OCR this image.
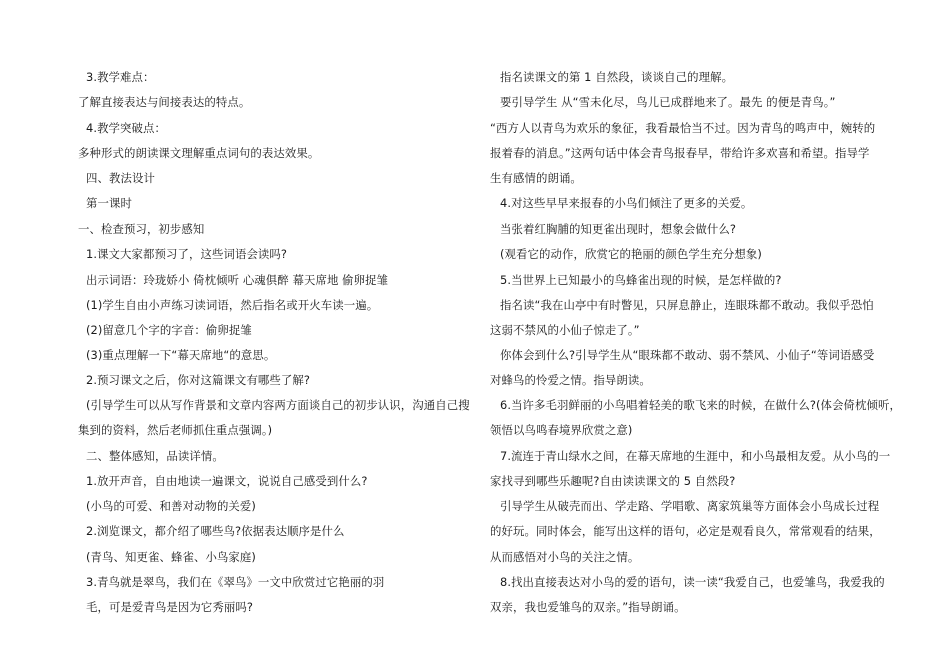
3.教学难点：
了解直接表达与间接表达的特点。
4.教学突破点：
多种形式的朗读课文理解重点词句的表达效果。
四、教法设计
第一课时
一、检查预习，初步感知
1.课文大家都预习了，这些词语会读吗?
出示词语：玲珑娇小 倚枕倾听 心魂俱醉 幕天席地 偷卵捉雏
(1)学生自由小声练习读词语，然后指名或开火车读一遍。
(2)留意几个字的字音：偷卵捉雏
(3)重点理解一下“幕天席地“的意思。
2.预习课文之后，你对这篇课文有哪些了解?
(引导学生可以从写作背景和文章内容两方面谈自己的初步认识，沟通自己搜
集到的资料，然后老师抓住重点强调。)
二、整体感知，品读详情。
1.放开声音，自由地读一遍课文，说说自己感受到什么?
(小鸟的可爱、和善对动物的关爱)
2.浏览课文，都介绍了哪些鸟?依据表达顺序是什么
(青鸟、知更雀、蜂雀、小鸟家庭)
3.青鸟就是翠鸟，我们在《翠鸟》一文中欣赏过它艳丽的羽
毛，可是爱青鸟是因为它秀丽吗?
指名读课文的第 1 自然段，谈谈自己的理解。
要引导学生 从“雪未化尽，鸟儿已成群地来了。最先 的便是青鸟。”
“西方人以青鸟为欢乐的象征，我看最恰当不过。因为青鸟的鸣声中，婉转的
报着春的消息。”这两句话中体会青鸟报春早，带给许多欢喜和希望。指导学
生有感情的朗诵。
4.对这些早早来报春的小鸟们倾注了更多的关爱。
当张着红胸脯的知更雀出现时，想象会做什么?
(观看它的动作，欣赏它的艳丽的颜色学生充分想象)
5.当世界上已知最小的鸟蜂雀出现的时候，是怎样做的?
指名读“我在山亭中有时瞥见，只屏息静止，连眼珠都不敢动。我似乎恐怕
这弱不禁风的小仙子惊走了。”
你体会到什么?引导学生从“眼珠都不敢动、弱不禁风、小仙子“等词语感受
对蜂鸟的怜爱之情。指导朗读。
6.当许多毛羽鲜丽的小鸟唱着轻美的歌飞来的时候，在做什么?(体会倚枕倾听，
领悟以鸟鸣春境界欣赏之意)
7.流连于青山绿水之间，在幕天席地的生涯中，和小鸟最相友爱。从小鸟的一
家找寻到哪些乐趣呢?自由读读课文的 5 自然段?
引导学生从破壳而出、学走路、学唱歌、离家筑巢等方面体会小鸟成长过程
的好玩。同时体会，能写出这样的语句，必定是观看良久，常常观看的结果，
从而感悟对小鸟的关注之情。
8.找出直接表达对小鸟的爱的语句，读一读“我爱自己，也爱雏鸟，我爱我的
双亲，我也爱雏鸟的双亲。”指导朗诵。
